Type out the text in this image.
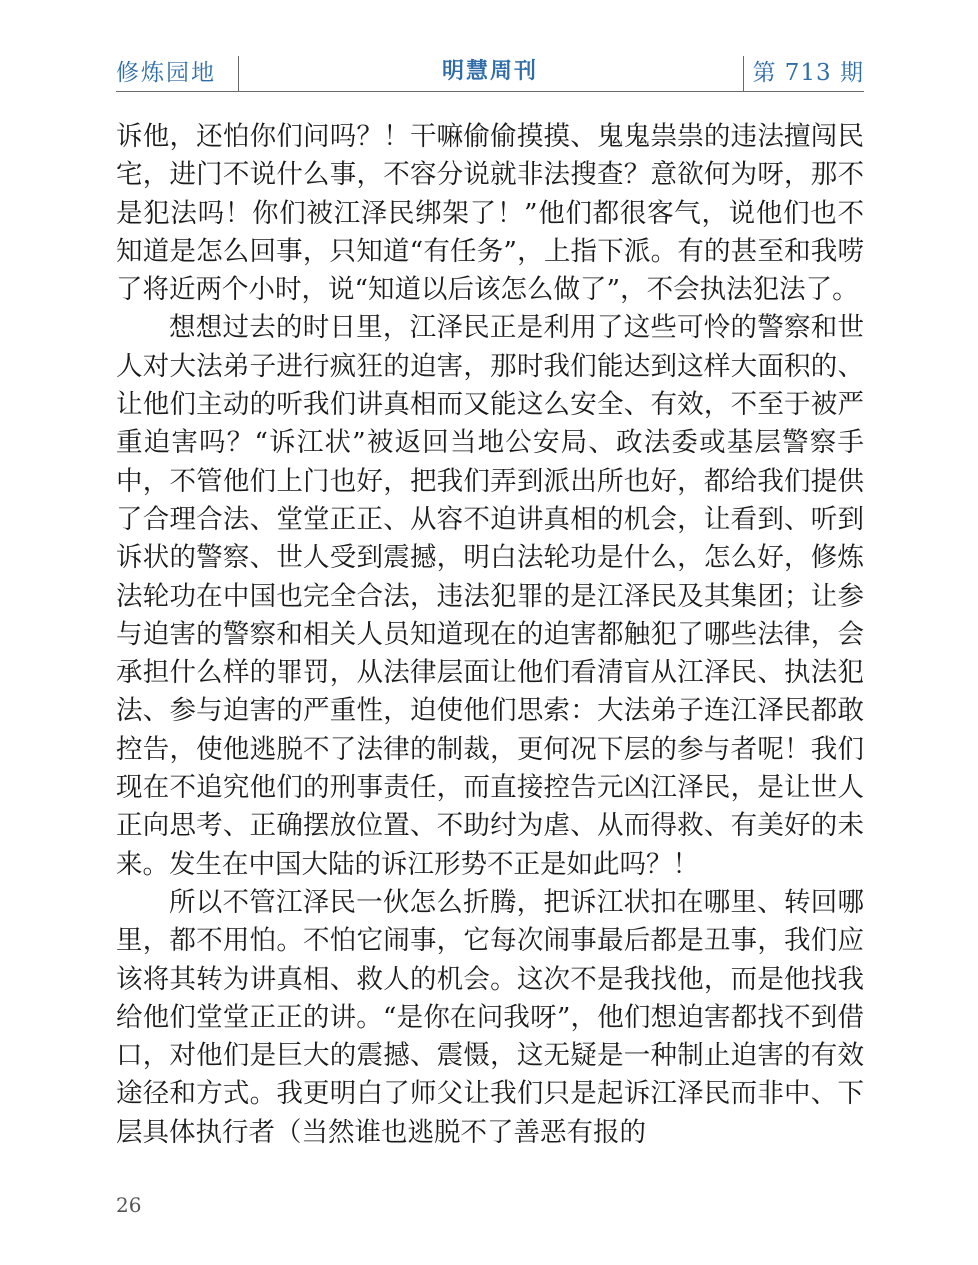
修炼园地	明慧周刊	第 713 期

诉他，还怕你们问吗？！干嘛偷偷摸摸、鬼鬼祟祟的违法擅闯民宅，进门不说什么事，不容分说就非法搜查？意欲何为呀，那不是犯法吗！你们被江泽民绑架了！”他们都很客气，说他们也不知道是怎么回事，只知道“有任务”，上指下派。有的甚至和我唠了将近两个小时，说“知道以后该怎么做了”，不会执法犯法了。

想想过去的时日里，江泽民正是利用了这些可怜的警察和世人对大法弟子进行疯狂的迫害，那时我们能达到这样大面积的、让他们主动的听我们讲真相而又能这么安全、有效，不至于被严重迫害吗？“诉江状”被返回当地公安局、政法委或基层警察手中，不管他们上门也好，把我们弄到派出所也好，都给我们提供了合理合法、堂堂正正、从容不迫讲真相的机会，让看到、听到诉状的警察、世人受到震撼，明白法轮功是什么，怎么好，修炼法轮功在中国也完全合法，违法犯罪的是江泽民及其集团；让参与迫害的警察和相关人员知道现在的迫害都触犯了哪些法律，会承担什么样的罪罚，从法律层面让他们看清盲从江泽民、执法犯法、参与迫害的严重性，迫使他们思索：大法弟子连江泽民都敢控告，使他逃脱不了法律的制裁，更何况下层的参与者呢！我们现在不追究他们的刑事责任，而直接控告元凶江泽民，是让世人正向思考、正确摆放位置、不助纣为虐、从而得救、有美好的未来。发生在中国大陆的诉江形势不正是如此吗？！

所以不管江泽民一伙怎么折腾，把诉江状扣在哪里、转回哪里，都不用怕。不怕它闹事，它每次闹事最后都是丑事，我们应该将其转为讲真相、救人的机会。这次不是我找他，而是他找我给他们堂堂正正的讲。“是你在问我呀”，他们想迫害都找不到借口，对他们是巨大的震撼、震慑，这无疑是一种制止迫害的有效途径和方式。我更明白了师父让我们只是起诉江泽民而非中、下层具体执行者（当然谁也逃脱不了善恶有报的

26
